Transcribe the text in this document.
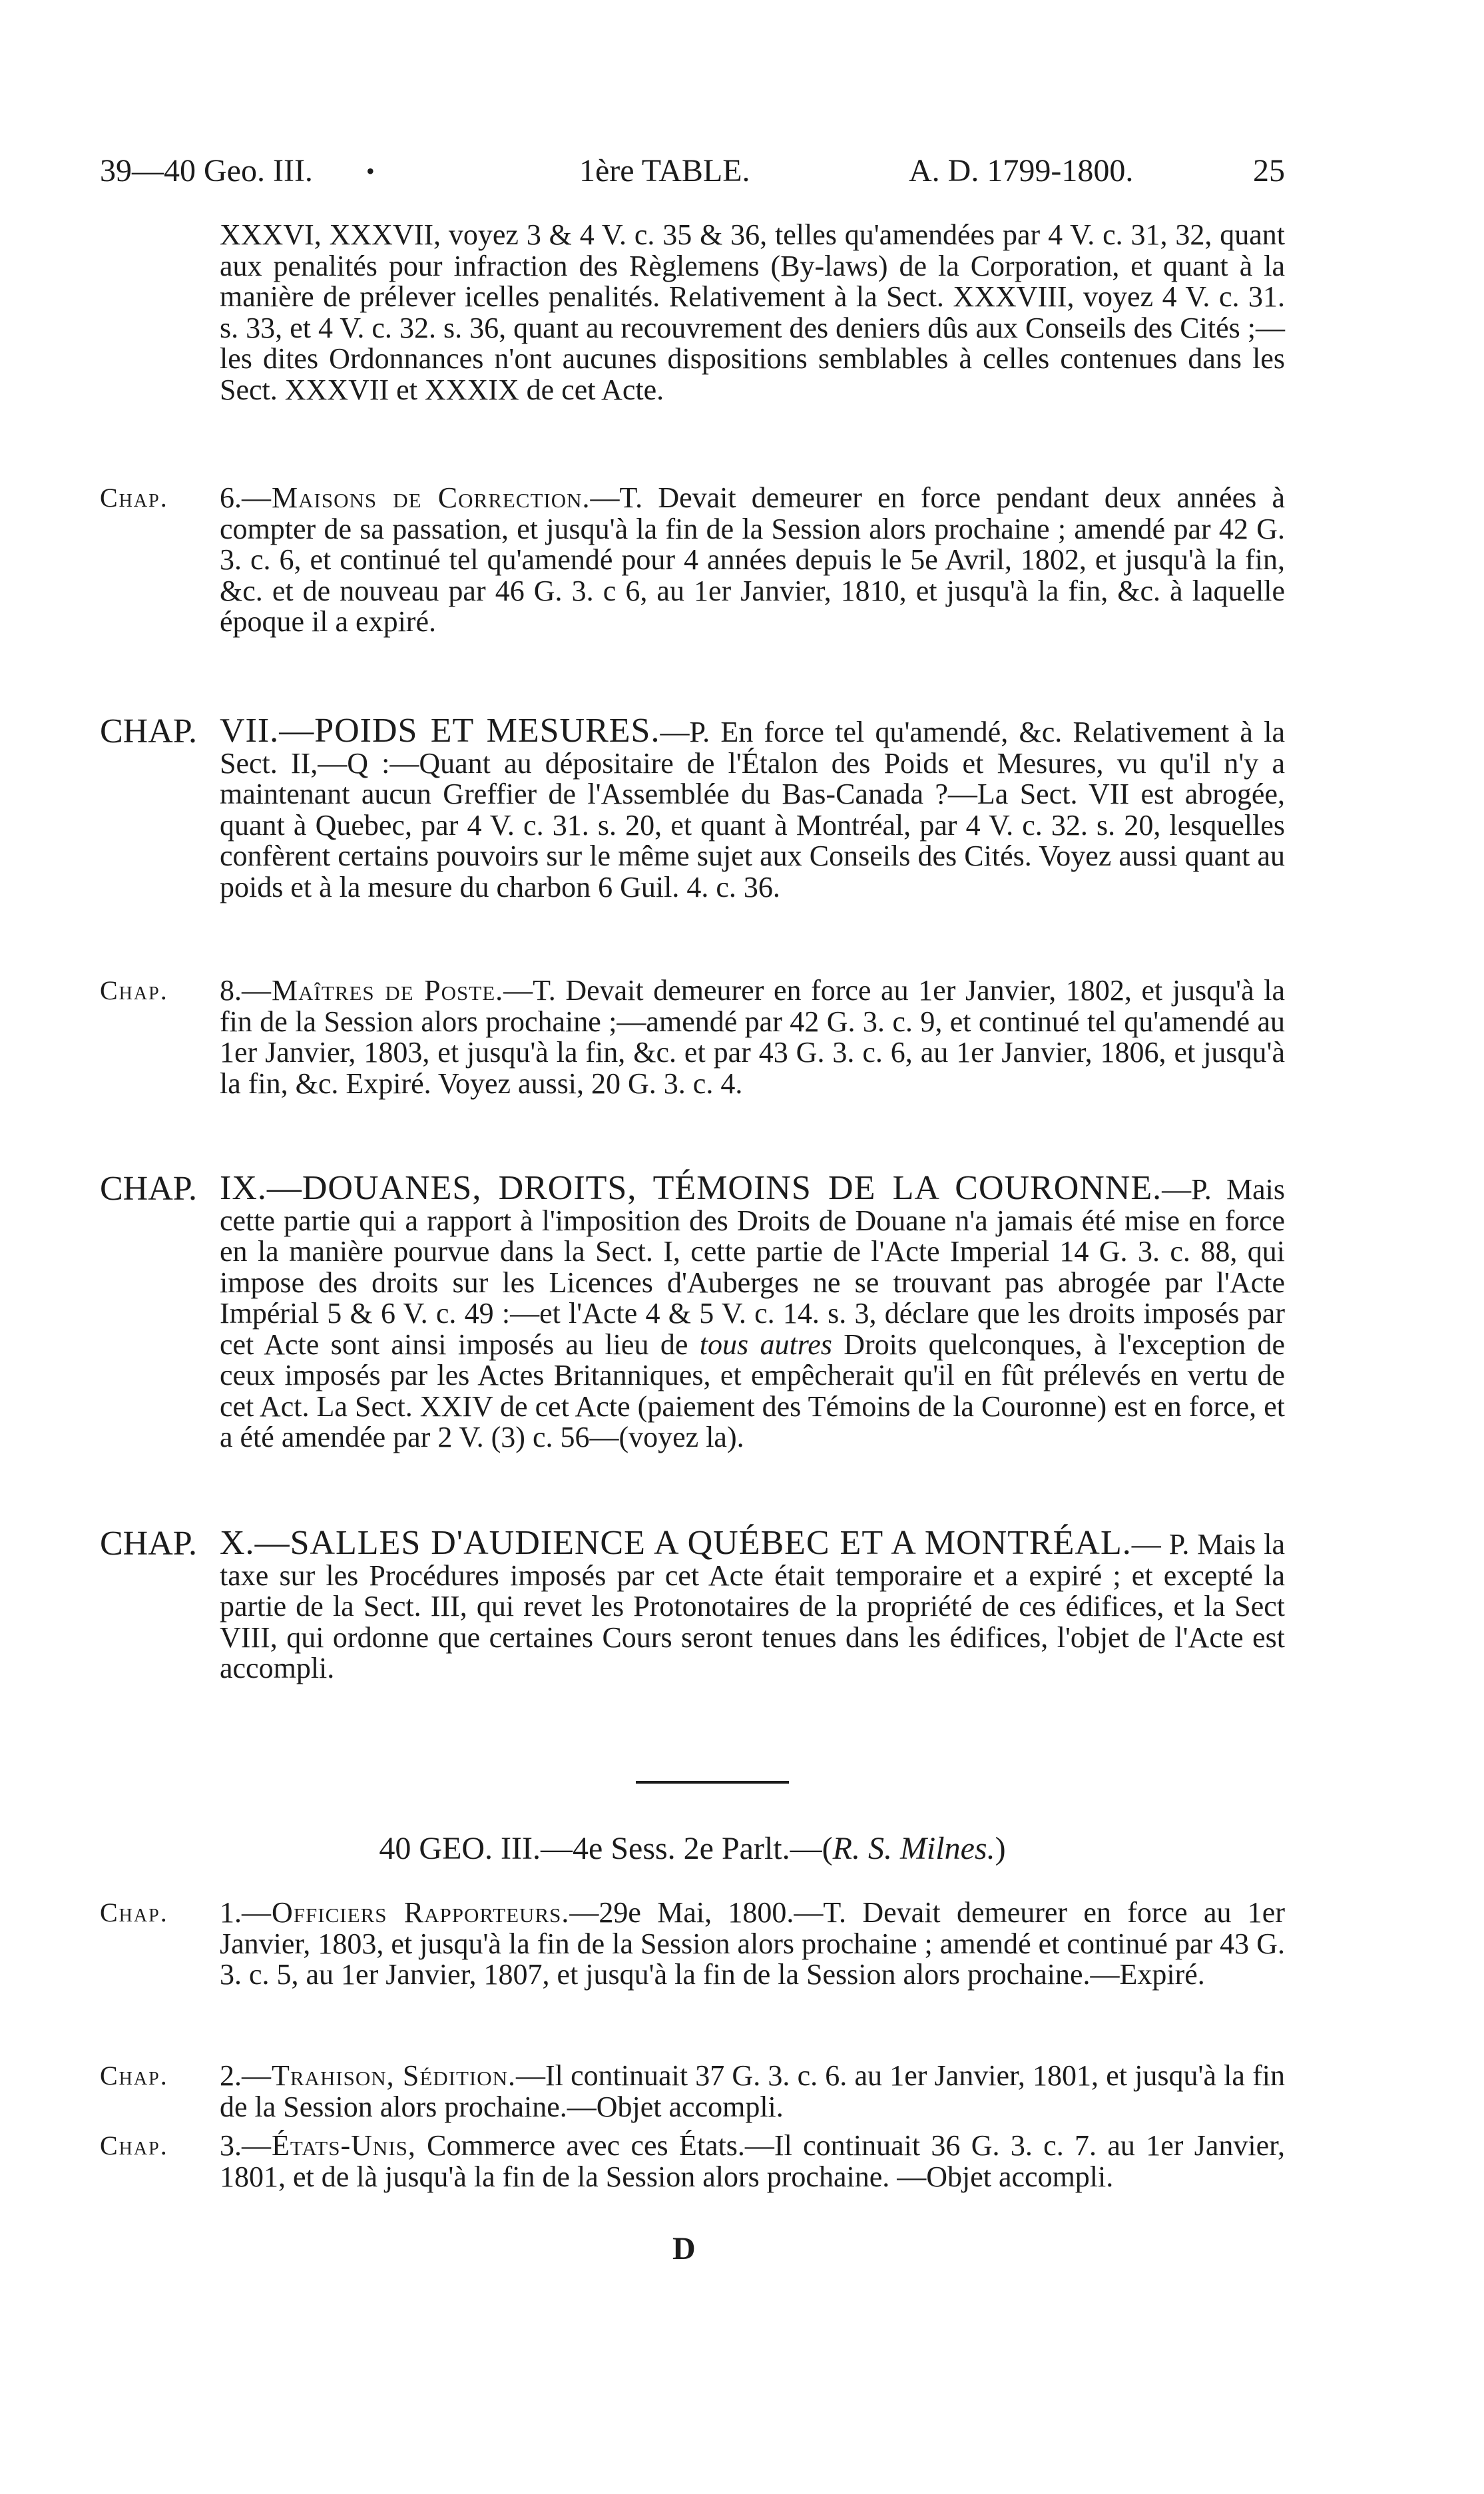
39—40 Geo. III. •	1ère TABLE.	A. D. 1799-1800.	25
XXXVI, XXXVII, voyez 3 & 4 V. c. 35 & 36, telles qu'amendées par 4 V. c. 31, 32, quant aux penalités pour infraction des Règlemens (By-laws) de la Corporation, et quant à la manière de prélever icelles penalités. Relativement à la Sect. XXXVIII, voyez 4 V. c. 31. s. 33, et 4 V. c. 32. s. 36, quant au recouvrement des deniers dûs aux Conseils des Cités ;—les dites Ordonnances n'ont aucunes dispositions semblables à celles contenues dans les Sect. XXXVII et XXXIX de cet Acte.
Chap. 6.—Maisons de Correction.—T. Devait demeurer en force pendant deux années à compter de sa passation, et jusqu'à la fin de la Session alors prochaine ; amendé par 42 G. 3. c. 6, et continué tel qu'amendé pour 4 années depuis le 5e Avril, 1802, et jusqu'à la fin, &c. et de nouveau par 46 G. 3. c 6, au 1er Janvier, 1810, et jusqu'à la fin, &c. à laquelle époque il a expiré.
CHAP. VII.—POIDS ET MESURES.—P. En force tel qu'amendé, &c. Relativement à la Sect. II,—Q :—Quant au dépositaire de l'Étalon des Poids et Mesures, vu qu'il n'y a maintenant aucun Greffier de l'Assemblée du Bas-Canada ?—La Sect. VII est abrogée, quant à Quebec, par 4 V. c. 31. s. 20, et quant à Montréal, par 4 V. c. 32. s. 20, lesquelles confèrent certains pouvoirs sur le même sujet aux Conseils des Cités. Voyez aussi quant au poids et à la mesure du charbon 6 Guil. 4. c. 36.
Chap. 8.—Maîtres de Poste.—T. Devait demeurer en force au 1er Janvier, 1802, et jusqu'à la fin de la Session alors prochaine ;—amendé par 42 G. 3. c. 9, et continué tel qu'amendé au 1er Janvier, 1803, et jusqu'à la fin, &c. et par 43 G. 3. c. 6, au 1er Janvier, 1806, et jusqu'à la fin, &c. Expiré. Voyez aussi, 20 G. 3. c. 4.
CHAP. IX.—DOUANES, DROITS, TÉMOINS DE LA COURONNE.—P. Mais cette partie qui a rapport à l'imposition des Droits de Douane n'a jamais été mise en force en la manière pourvue dans la Sect. I, cette partie de l'Acte Imperial 14 G. 3. c. 88, qui impose des droits sur les Licences d'Auberges ne se trouvant pas abrogée par l'Acte Impérial 5 & 6 V. c. 49 :—et l'Acte 4 & 5 V. c. 14. s. 3, déclare que les droits imposés par cet Acte sont ainsi imposés au lieu de tous autres Droits quelconques, à l'exception de ceux imposés par les Actes Britanniques, et empêcherait qu'il en fût prélevés en vertu de cet Act. La Sect. XXIV de cet Acte (paiement des Témoins de la Couronne) est en force, et a été amendée par 2 V. (3) c. 56—(voyez la).
CHAP. X.—SALLES D'AUDIENCE A QUÉBEC ET A MONTRÉAL.— P. Mais la taxe sur les Procédures imposés par cet Acte était temporaire et a expiré ; et excepté la partie de la Sect. III, qui revet les Protonotaires de la propriété de ces édifices, et la Sect VIII, qui ordonne que certaines Cours seront tenues dans les édifices, l'objet de l'Acte est accompli.
40 GEO. III.—4e Sess. 2e Parlt.—(R. S. Milnes.)
Chap. 1.—Officiers Rapporteurs.—29e Mai, 1800.—T. Devait demeurer en force au 1er Janvier, 1803, et jusqu'à la fin de la Session alors prochaine ; amendé et continué par 43 G. 3. c. 5, au 1er Janvier, 1807, et jusqu'à la fin de la Session alors prochaine.—Expiré.
Chap. 2.—Trahison, Sédition.—Il continuait 37 G. 3. c. 6. au 1er Janvier, 1801, et jusqu'à la fin de la Session alors prochaine.—Objet accompli.
Chap. 3.—États-Unis, Commerce avec ces États.—Il continuait 36 G. 3. c. 7. au 1er Janvier, 1801, et de là jusqu'à la fin de la Session alors prochaine. —Objet accompli.
D
